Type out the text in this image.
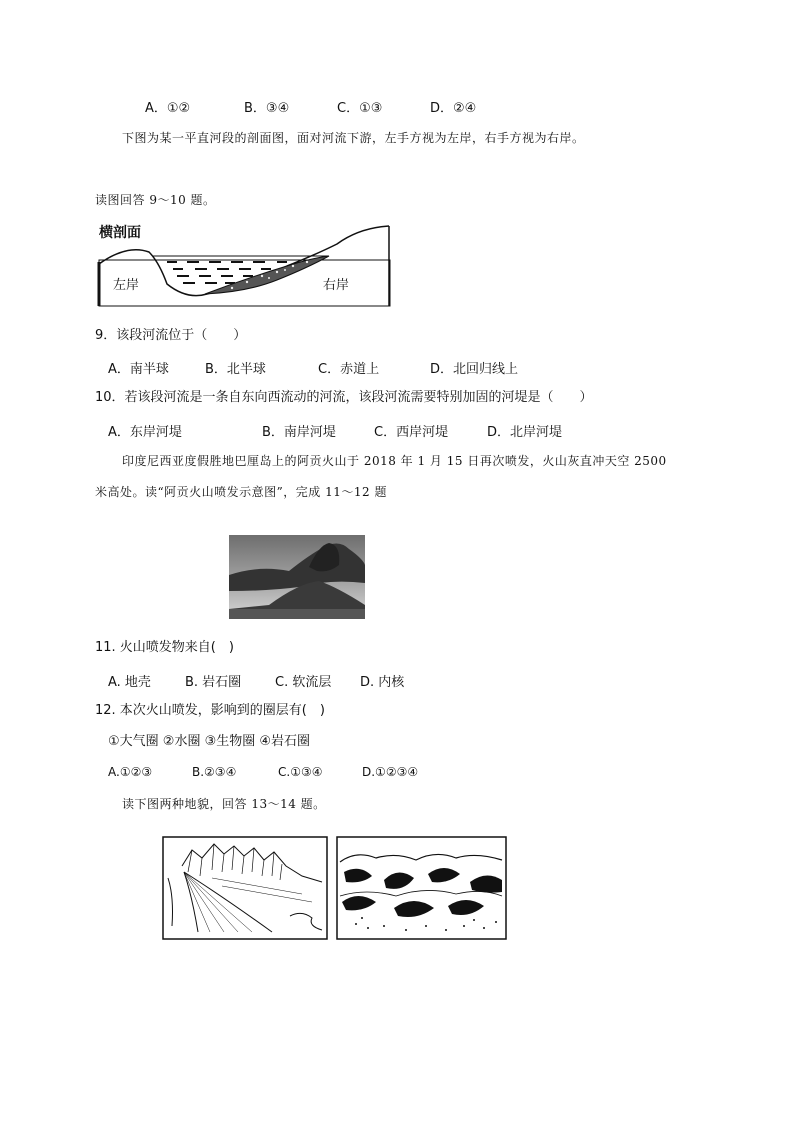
A．①②	B．③④	C．①③	D．②④
下图为某一平直河段的剖面图，面对河流下游，左手方视为左岸，右手方视为右岸。
读图回答 9～10 题。
横剖面
左岸	右岸
9．该段河流位于（　　）
A．南半球	B．北半球	C．赤道上	D．北回归线上
10．若该段河流是一条自东向西流动的河流，该段河流需要特别加固的河堤是（　　）
A．东岸河堤	B．南岸河堤	C．西岸河堤	D．北岸河堤
印度尼西亚度假胜地巴厘岛上的阿贡火山于 2018 年 1 月 15 日再次喷发，火山灰直冲天空 2500
米高处。读“阿贡火山喷发示意图”，完成 11～12 题
11. 火山喷发物来自(　)
A. 地壳	B. 岩石圈	C. 软流层 D. 内核
12. 本次火山喷发，影响到的圈层有(　)
①大气圈 ②水圈 ③生物圈 ④岩石圈
A.①②③	B.②③④	C.①③④	D.①②③④
读下图两种地貌，回答 13～14 题。
